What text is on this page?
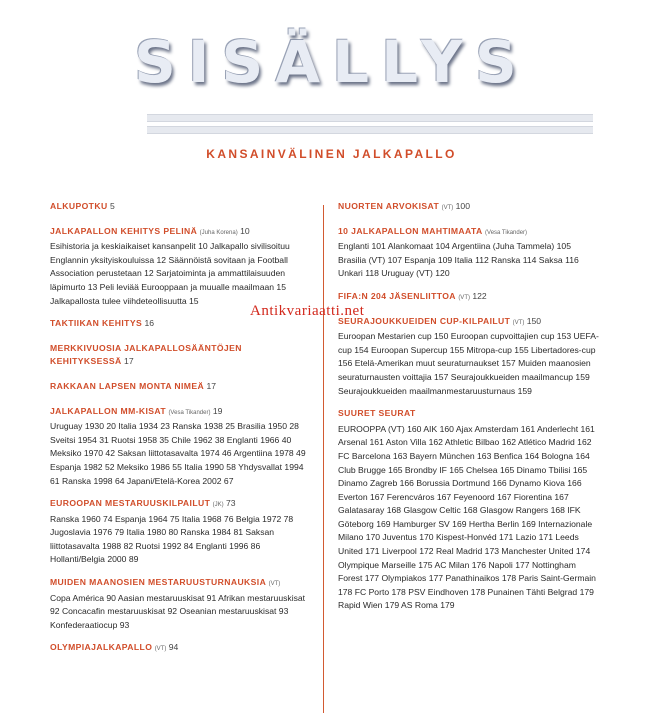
SISÄLLYS
KANSAINVÄLINEN JALKAPALLO
ALKUPOTKU 5
JALKAPALLON KEHITYS PELINÄ (Juha Korena) 10
Esihistoria ja keskiaikaiset kansanpelit 10 Jalkapallo sivilisoituu Englannin yksityiskouluissa 12 Säännöistä sovitaan ja Football Association perustetaan 12 Sarjatoiminta ja ammattilaisuuden läpimurto 13 Peli leviää Eurooppaan ja muualle maailmaan 15 Jalkapallosta tulee viihdeteollisuutta 15
TAKTIIKAN KEHITYS 16
MERKKIVUOSIA JALKAPALLOSÄÄNTÖJEN KEHITYKSESSÄ 17
RAKKAAN LAPSEN MONTA NIMEÄ 17
JALKAPALLON MM-KISAT (Vesa Tikander) 19
Uruguay 1930 20 Italia 1934 23 Ranska 1938 25 Brasilia 1950 28 Sveitsi 1954 31 Ruotsi 1958 35 Chile 1962 38 Englanti 1966 40 Meksiko 1970 42 Saksan liittotasavalta 1974 46 Argentiina 1978 49 Espanja 1982 52 Meksiko 1986 55 Italia 1990 58 Yhdysvallat 1994 61 Ranska 1998 64 Japani/Etelä-Korea 2002 67
EUROOPAN MESTARUUSKILPAILUT (JK) 73
Ranska 1960 74 Espanja 1964 75 Italia 1968 76 Belgia 1972 78 Jugoslavia 1976 79 Italia 1980 80 Ranska 1984 81 Saksan liittotasavalta 1988 82 Ruotsi 1992 84 Englanti 1996 86 Hollanti/Belgia 2000 89
MUIDEN MAANOSIEN MESTARUUSTURNAUKSIA (VT)
Copa América 90 Aasian mestaruuskisat 91 Afrikan mestaruuskisat 92 Concacafin mestaruuskisat 92 Oseanian mestaruuskisat 93 Konfederaatiocup 93
OLYMPIAJALKAPALLO (VT) 94
NUORTEN ARVOKISAT (VT) 100
10 JALKAPALLON MAHTIMAATA (Vesa Tikander)
Englanti 101 Alankomaat 104 Argentiina (Juha Tammela) 105 Brasilia (VT) 107 Espanja 109 Italia 112 Ranska 114 Saksa 116 Unkari 118 Uruguay (VT) 120
FIFA:N 204 JÄSENLIITTOA (VT) 122
SEURAJOUKKUEIDEN CUP-KILPAILUT (VT) 150
Euroopan Mestarien cup 150 Euroopan cupvoittajien cup 153 UEFA-cup 154 Euroopan Supercup 155 Mitropa-cup 155 Libertadores-cup 156 Etelä-Amerikan muut seuraturnaukset 157 Muiden maanosien seuraturnausten voittajia 157 Seurajoukkueiden maailmancup 159 Seurajoukkueiden maailmanmestaruusturnaus 159
SUURET SEURAT
EUROOPPA (VT) 160 AIK 160 Ajax Amsterdam 161 Anderlecht 161 Arsenal 161 Aston Villa 162 Athletic Bilbao 162 Atlético Madrid 162 FC Barcelona 163 Bayern München 163 Benfica 164 Bologna 164 Club Brugge 165 Brondby IF 165 Chelsea 165 Dinamo Tbilisi 165 Dinamo Zagreb 166 Borussia Dortmund 166 Dynamo Kiova 166 Everton 167 Ferencváros 167 Feyenoord 167 Fiorentina 167 Galatasaray 168 Glasgow Celtic 168 Glasgow Rangers 168 IFK Göteborg 169 Hamburger SV 169 Hertha Berlin 169 Internazionale Milano 170 Juventus 170 Kispest-Honvéd 171 Lazio 171 Leeds United 171 Liverpool 172 Real Madrid 173 Manchester United 174 Olympique Marseille 175 AC Milan 176 Napoli 177 Nottingham Forest 177 Olympiakos 177 Panathinaikos 178 Paris Saint-Germain 178 FC Porto 178 PSV Eindhoven 178 Punainen Tähti Belgrad 179 Rapid Wien 179 AS Roma 179
Antikvariaatti.net
